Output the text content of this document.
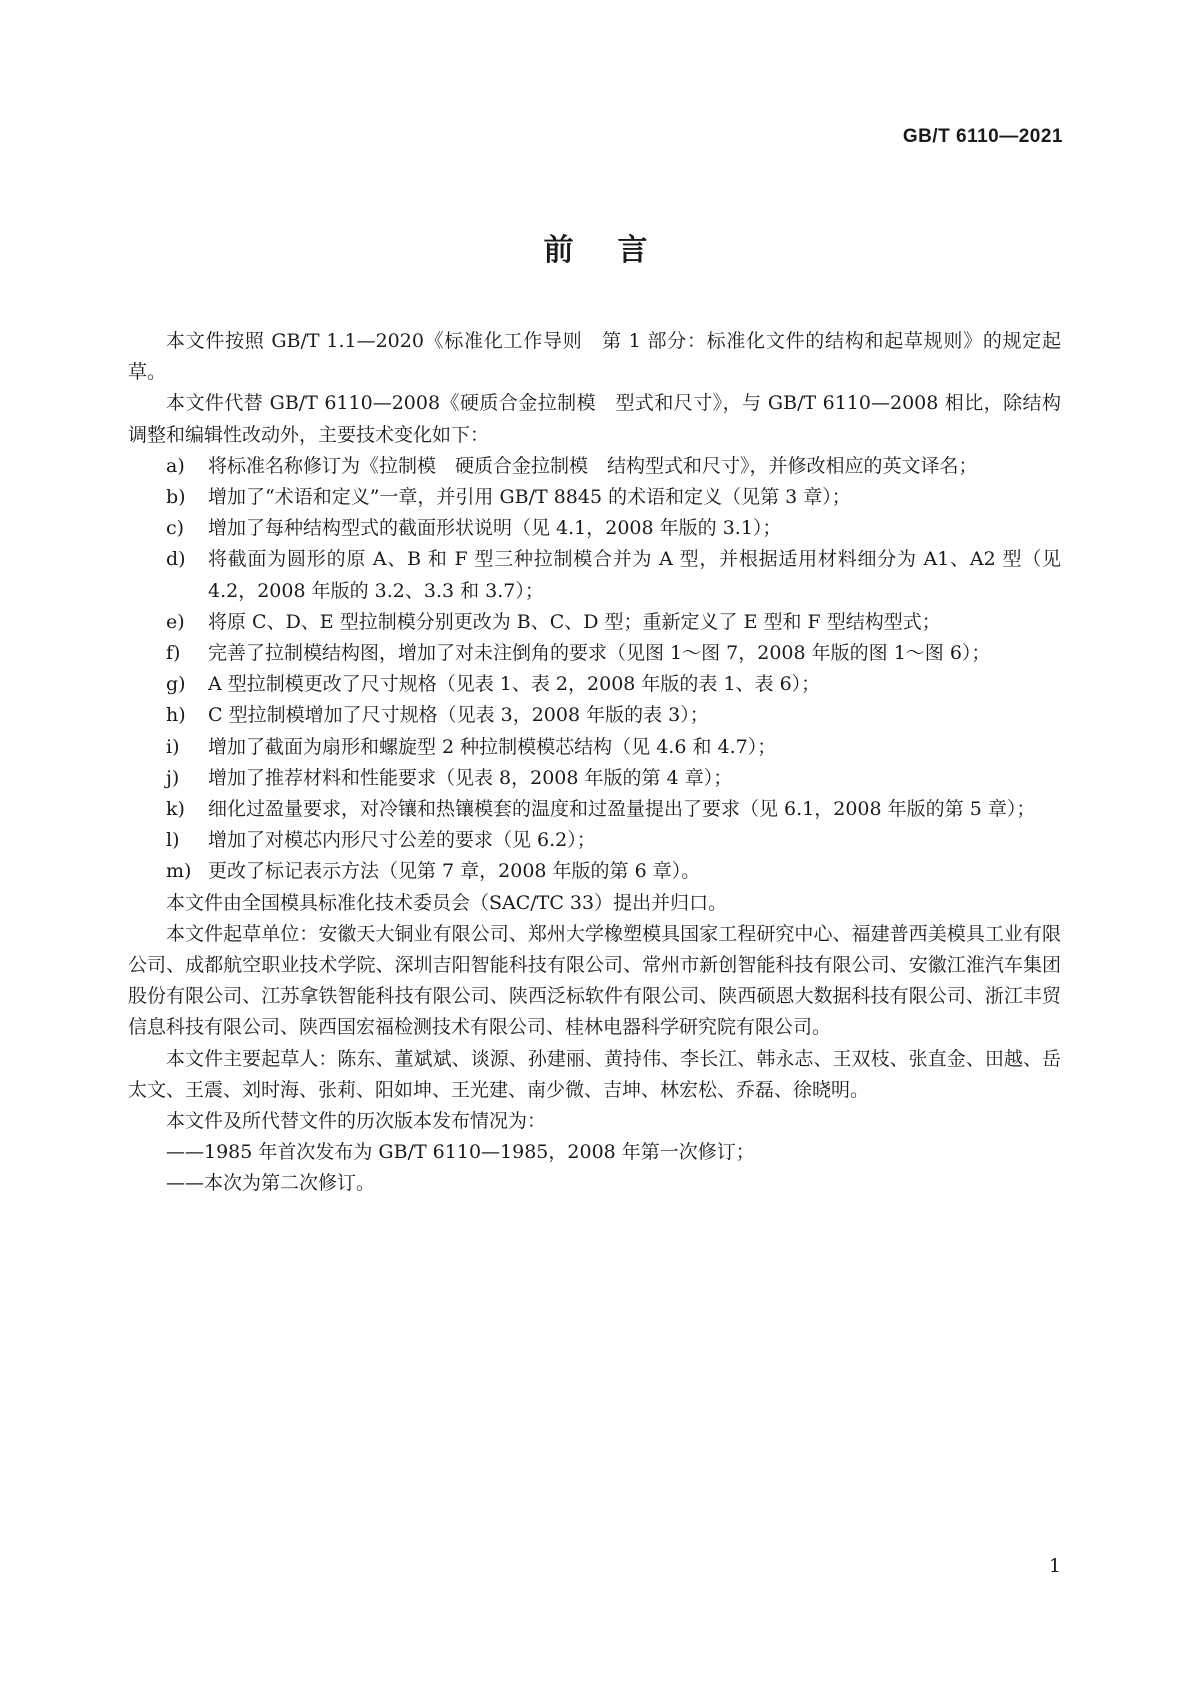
GB/T 6110—2021
前言

本文件按照 GB/T 1.1—2020《标准化工作导则　第 1 部分：标准化文件的结构和起草规则》的规定起草。

本文件代替 GB/T 6110—2008《硬质合金拉制模　型式和尺寸》，与 GB/T 6110—2008 相比，除结构调整和编辑性改动外，主要技术变化如下：

a)	将标准名称修订为《拉制模　硬质合金拉制模　结构型式和尺寸》，并修改相应的英文译名；
b)	增加了“术语和定义”一章，并引用 GB/T 8845 的术语和定义（见第 3 章）；
c)	增加了每种结构型式的截面形状说明（见 4.1，2008 年版的 3.1）；
d)	将截面为圆形的原 A、B 和 F 型三种拉制模合并为 A 型，并根据适用材料细分为 A1、A2 型（见 4.2，2008 年版的 3.2、3.3 和 3.7）；
e)	将原 C、D、E 型拉制模分别更改为 B、C、D 型；重新定义了 E 型和 F 型结构型式；
f)	完善了拉制模结构图，增加了对未注倒角的要求（见图 1～图 7，2008 年版的图 1～图 6）；
g)	A 型拉制模更改了尺寸规格（见表 1、表 2，2008 年版的表 1、表 6）；
h)	C 型拉制模增加了尺寸规格（见表 3，2008 年版的表 3）；
i)	增加了截面为扇形和螺旋型 2 种拉制模模芯结构（见 4.6 和 4.7）；
j)	增加了推荐材料和性能要求（见表 8，2008 年版的第 4 章）；
k)	细化过盈量要求，对冷镶和热镶模套的温度和过盈量提出了要求（见 6.1，2008 年版的第 5 章）；
l)	增加了对模芯内形尺寸公差的要求（见 6.2）；
m) 更改了标记表示方法（见第 7 章，2008 年版的第 6 章）。

本文件由全国模具标准化技术委员会（SAC/TC 33）提出并归口。

本文件起草单位：安徽天大铜业有限公司、郑州大学橡塑模具国家工程研究中心、福建普西美模具工业有限公司、成都航空职业技术学院、深圳吉阳智能科技有限公司、常州市新创智能科技有限公司、安徽江淮汽车集团股份有限公司、江苏拿铁智能科技有限公司、陕西泛标软件有限公司、陕西硕恩大数据科技有限公司、浙江丰贸信息科技有限公司、陕西国宏福检测技术有限公司、桂林电器科学研究院有限公司。

本文件主要起草人：陈东、董斌斌、谈源、孙建丽、黄持伟、李长江、韩永志、王双枝、张直金、田越、岳太文、王震、刘时海、张莉、阳如坤、王光建、南少微、吉坤、林宏松、乔磊、徐晓明。

本文件及所代替文件的历次版本发布情况为：

——1985 年首次发布为 GB/T 6110—1985，2008 年第一次修订；

——本次为第二次修订。

1
